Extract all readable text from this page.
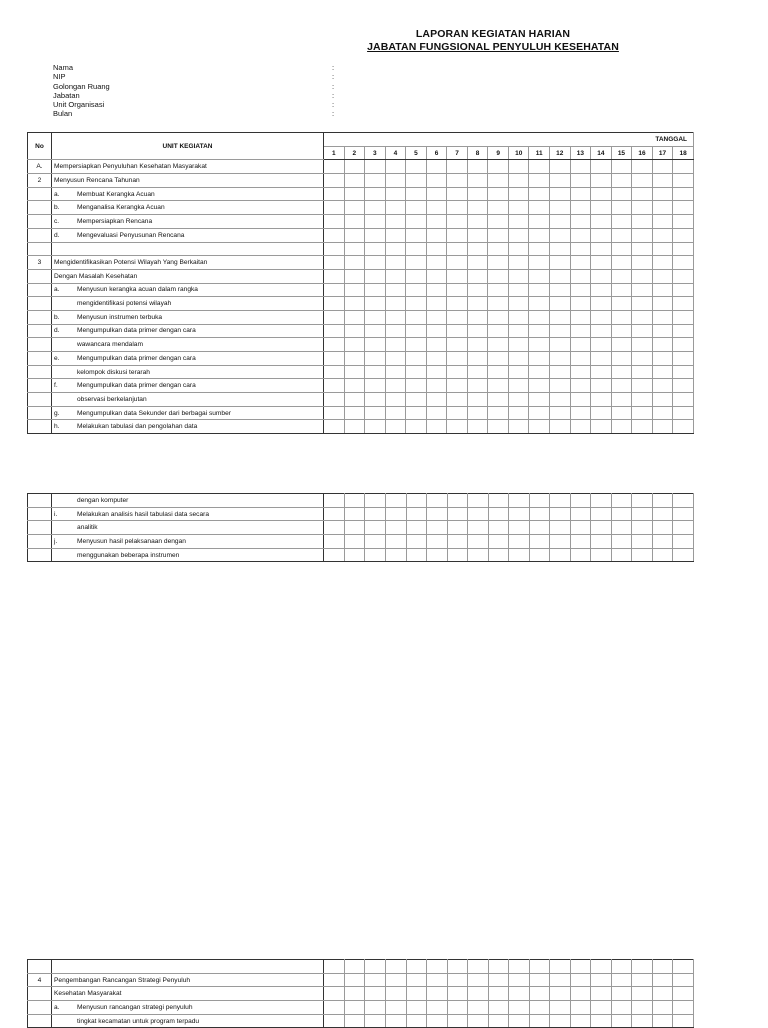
LAPORAN KEGIATAN HARIAN
JABATAN FUNGSIONAL PENYULUH KESEHATAN
Nama	:
NIP	:
Golongan Ruang	:
Jabatan	:
Unit Organisasi	:
Bulan	:
No	UNIT KEGIATAN	TANGGAL																	
		1	2	3	4	5	6	7	8	9	10	11	12	13	14	15	16	17	18
A.	Mempersiapkan Penyuluhan Kesehatan Masyarakat																		
2	Menyusun Rencana Tahunan																		
	a. Membuat Kerangka Acuan																		
	b. Menganalisa Kerangka Acuan																		
	c. Mempersiapkan Rencana																		
	d. Mengevaluasi Penyusunan Rencana																		

3	Mengidentifikasikan Potensi Wilayah Yang Berkaitan																		
	Dengan Masalah Kesehatan																		
	a. Menyusun kerangka acuan dalam rangka																		
	mengidentifikasi potensi wilayah																		
	b. Menyusun instrumen terbuka																		
	d. Mengumpulkan data primer dengan cara																		
	wawancara mendalam																		
	e. Mengumpulkan data primer dengan cara																		
	kelompok diskusi terarah																		
	f. Mengumpulkan data primer dengan cara																		
	observasi berkelanjutan																		
	g. Mengumpulkan data Sekunder dari berbagai sumber																		
	h. Melakukan tabulasi dan pengolahan data																		
	dengan komputer																		
	i. Melakukan analisis hasil tabulasi data secara																		
	analitik																		
	j. Menyusun hasil pelaksanaan dengan																		
	menggunakan beberapa instrumen																		

4	Pengembangan Rancangan Strategi Penyuluh																		
	Kesehatan Masyarakat																		
	a. Menyusun rancangan strategi penyuluh																		
	tingkat kecamatan untuk program terpadu																		
